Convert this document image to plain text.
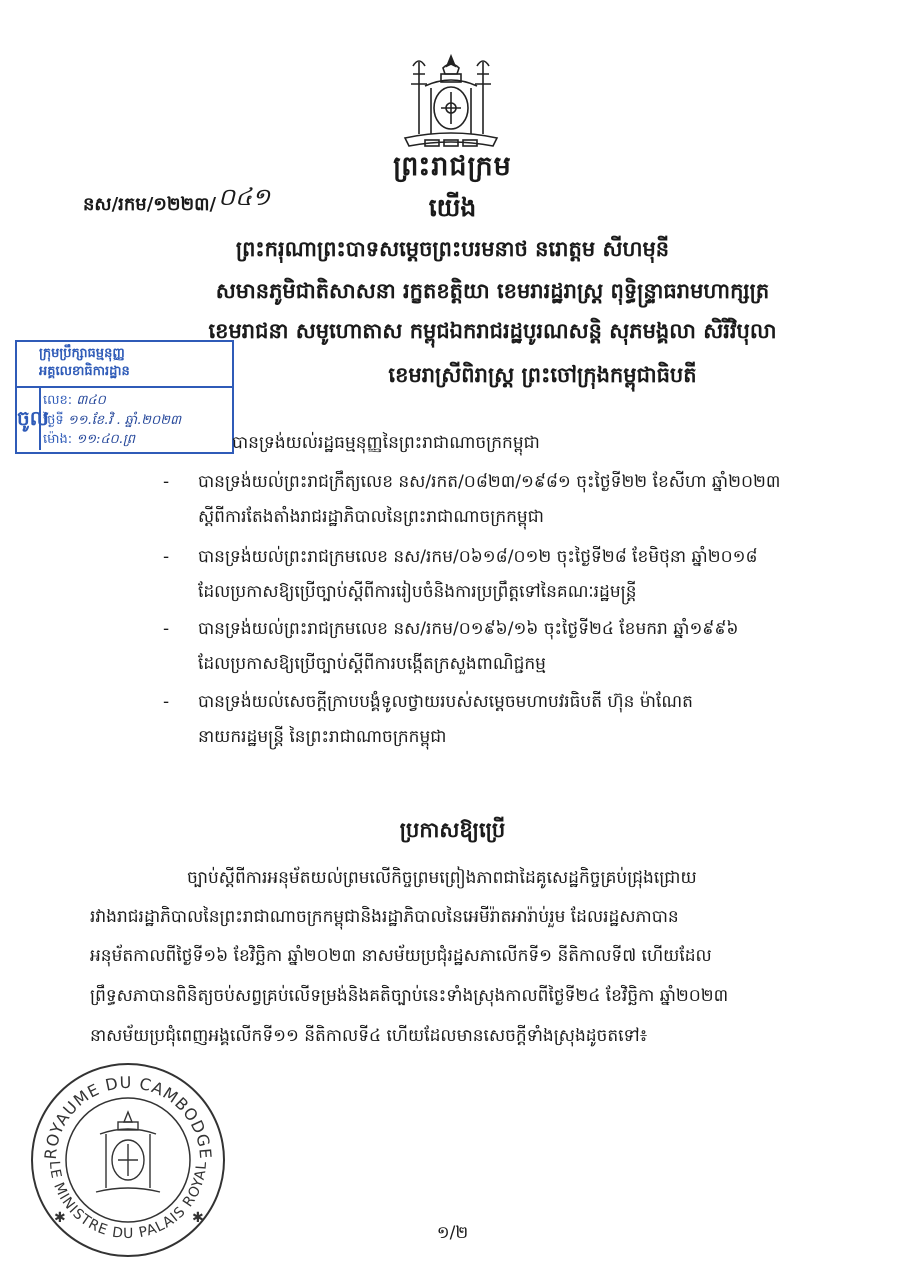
ព្រះរាជក្រម
នស/រកម/១២២៣/ ០៤១	យើង
ព្រះករុណាព្រះបាទសម្ដេចព្រះបរមនាថ នរោត្ដម សីហមុនី
សមានភូមិជាតិសាសនា រក្ខតខត្តិយា ខេមរារដ្ឋរាស្ដ្រ ពុទ្ធិន្ទ្រាធរាមហាក្សត្រ
ខេមរាជនា សមូហោតាស កម្ពុជឯករាជរដ្ឋបូរណសន្តិ សុភមង្គលា សិរីវិបុលា
ខេមរាស្រីពិរាស្ដ្រ ព្រះចៅក្រុងកម្ពុជាធិបតី
ក្រុមប្រឹក្សាធម្មនុញ្ញ
អគ្គលេខាធិការដ្ឋាន
ចូល
លេខ: ៣៤០
ថ្ងៃទី ១១.ខែ.វិ . ឆ្នាំ.២០២៣
ម៉ោង: ១១:៤០.ព្រ	បានទ្រង់យល់រដ្ឋធម្មនុញ្ញនៃព្រះរាជាណាចក្រកម្ពុជា
- បានទ្រង់យល់ព្រះរាជក្រឹត្យលេខ នស/រកត/០៨២៣/១៩៨១ ចុះថ្ងៃទី២២ ខែសីហា ឆ្នាំ២០២៣
ស្តីពីការតែងតាំងរាជរដ្ឋាភិបាលនៃព្រះរាជាណាចក្រកម្ពុជា
- បានទ្រង់យល់ព្រះរាជក្រមលេខ នស/រកម/០៦១៨/០១២ ចុះថ្ងៃទី២៨ ខែមិថុនា ឆ្នាំ២០១៨
ដែលប្រកាសឱ្យប្រើច្បាប់ស្តីពីការរៀបចំនិងការប្រព្រឹត្តទៅនៃគណៈរដ្ឋមន្ត្រី
- បានទ្រង់យល់ព្រះរាជក្រមលេខ នស/រកម/០១៩៦/១៦ ចុះថ្ងៃទី២៤ ខែមករា ឆ្នាំ១៩៩៦
ដែលប្រកាសឱ្យប្រើច្បាប់ស្តីពីការបង្កើតក្រសួងពាណិជ្ជកម្ម
- បានទ្រង់យល់សេចក្តីក្រាបបង្គំទូលថ្វាយរបស់សម្តេចមហាបវរធិបតី ហ៊ុន ម៉ាណែត
នាយករដ្ឋមន្ត្រី នៃព្រះរាជាណាចក្រកម្ពុជា
ប្រកាសឱ្យប្រើ
ច្បាប់ស្តីពីការអនុម័តយល់ព្រមលើកិច្ចព្រមព្រៀងភាពជាដៃគូសេដ្ឋកិច្ចគ្រប់ជ្រុងជ្រោយ
រវាងរាជរដ្ឋាភិបាលនៃព្រះរាជាណាចក្រកម្ពុជានិងរដ្ឋាភិបាលនៃអេមីរ៉ាតអារ៉ាប់រួម ដែលរដ្ឋសភាបាន
អនុម័តកាលពីថ្ងៃទី១៦ ខែវិច្ឆិកា ឆ្នាំ២០២៣ នាសម័យប្រជុំរដ្ឋសភាលើកទី១ នីតិកាលទី៧ ហើយដែល
ព្រឹទ្ធសភាបានពិនិត្យចប់សព្វគ្រប់លើទម្រង់និងគតិច្បាប់នេះទាំងស្រុងកាលពីថ្ងៃទី២៤ ខែវិច្ឆិកា ឆ្នាំ២០២៣
នាសម័យប្រជុំពេញអង្គលើកទី១១ នីតិកាលទី៤ ហើយដែលមានសេចក្តីទាំងស្រុងដូចតទៅ៖
ROYAUME DU CAMBODGE
LE MINISTRE DU PALAIS ROYAL
✱	✱
១/២
